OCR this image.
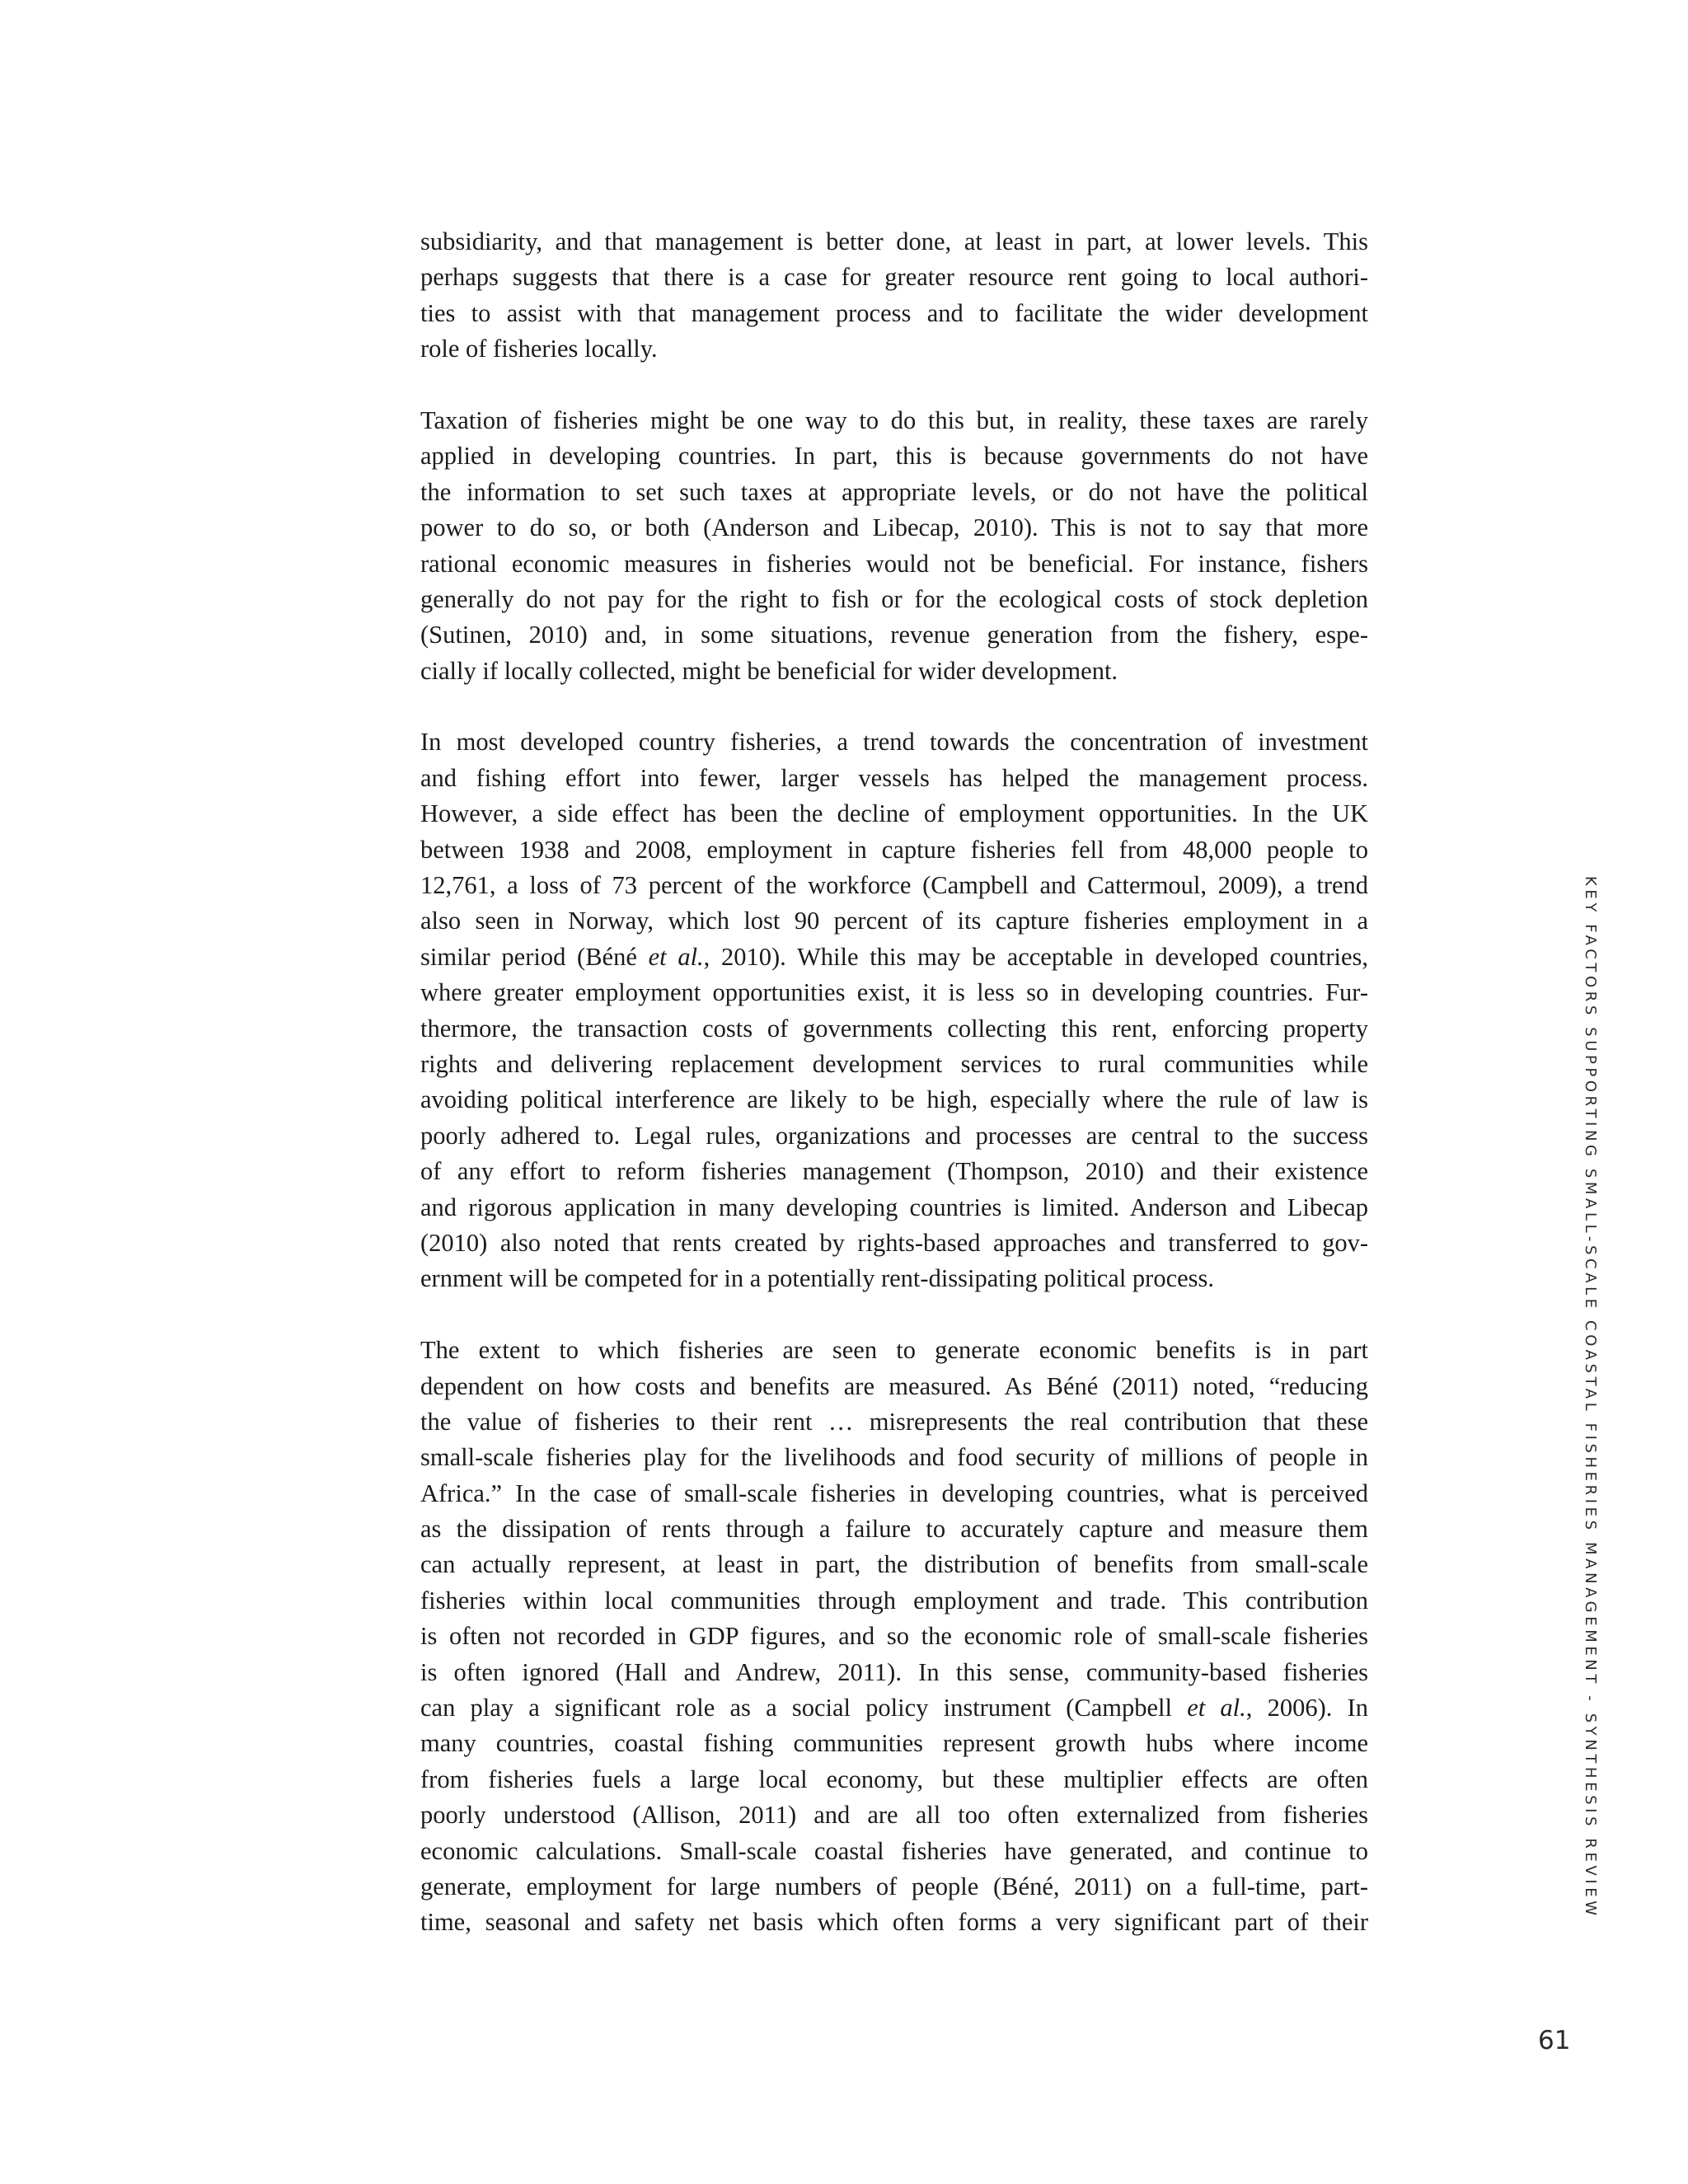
subsidiarity, and that management is better done, at least in part, at lower levels. This
perhaps suggests that there is a case for greater resource rent going to local authori-
ties to assist with that management process and to facilitate the wider development
role of fisheries locally.
Taxation of fisheries might be one way to do this but, in reality, these taxes are rarely
applied in developing countries. In part, this is because governments do not have
the information to set such taxes at appropriate levels, or do not have the political
power to do so, or both (Anderson and Libecap, 2010). This is not to say that more
rational economic measures in fisheries would not be beneficial. For instance, fishers
generally do not pay for the right to fish or for the ecological costs of stock depletion
(Sutinen, 2010) and, in some situations, revenue generation from the fishery, espe-
cially if locally collected, might be beneficial for wider development.
In most developed country fisheries, a trend towards the concentration of investment
and fishing effort into fewer, larger vessels has helped the management process.
However, a side effect has been the decline of employment opportunities. In the UK
between 1938 and 2008, employment in capture fisheries fell from 48,000 people to
12,761, a loss of 73 percent of the workforce (Campbell and Cattermoul, 2009), a trend
also seen in Norway, which lost 90 percent of its capture fisheries employment in a
similar period (Béné et al., 2010). While this may be acceptable in developed countries,
where greater employment opportunities exist, it is less so in developing countries. Fur-
thermore, the transaction costs of governments collecting this rent, enforcing property
rights and delivering replacement development services to rural communities while
avoiding political interference are likely to be high, especially where the rule of law is
poorly adhered to. Legal rules, organizations and processes are central to the success
of any effort to reform fisheries management (Thompson, 2010) and their existence
and rigorous application in many developing countries is limited. Anderson and Libecap
(2010) also noted that rents created by rights-based approaches and transferred to gov-
ernment will be competed for in a potentially rent-dissipating political process.
The extent to which fisheries are seen to generate economic benefits is in part
dependent on how costs and benefits are measured. As Béné (2011) noted, “reducing
the value of fisheries to their rent … misrepresents the real contribution that these
small-scale fisheries play for the livelihoods and food security of millions of people in
Africa.” In the case of small-scale fisheries in developing countries, what is perceived
as the dissipation of rents through a failure to accurately capture and measure them
can actually represent, at least in part, the distribution of benefits from small-scale
fisheries within local communities through employment and trade. This contribution
is often not recorded in GDP figures, and so the economic role of small-scale fisheries
is often ignored (Hall and Andrew, 2011). In this sense, community-based fisheries
can play a significant role as a social policy instrument (Campbell et al., 2006). In
many countries, coastal fishing communities represent growth hubs where income
from fisheries fuels a large local economy, but these multiplier effects are often
poorly understood (Allison, 2011) and are all too often externalized from fisheries
economic calculations. Small-scale coastal fisheries have generated, and continue to
generate, employment for large numbers of people (Béné, 2011) on a full-time, part-
time, seasonal and safety net basis which often forms a very significant part of their
KEY FACTORS SUPPORTING SMALL-SCALE COASTAL FISHERIES MANAGEMENT - SYNTHESIS REVIEW
61
